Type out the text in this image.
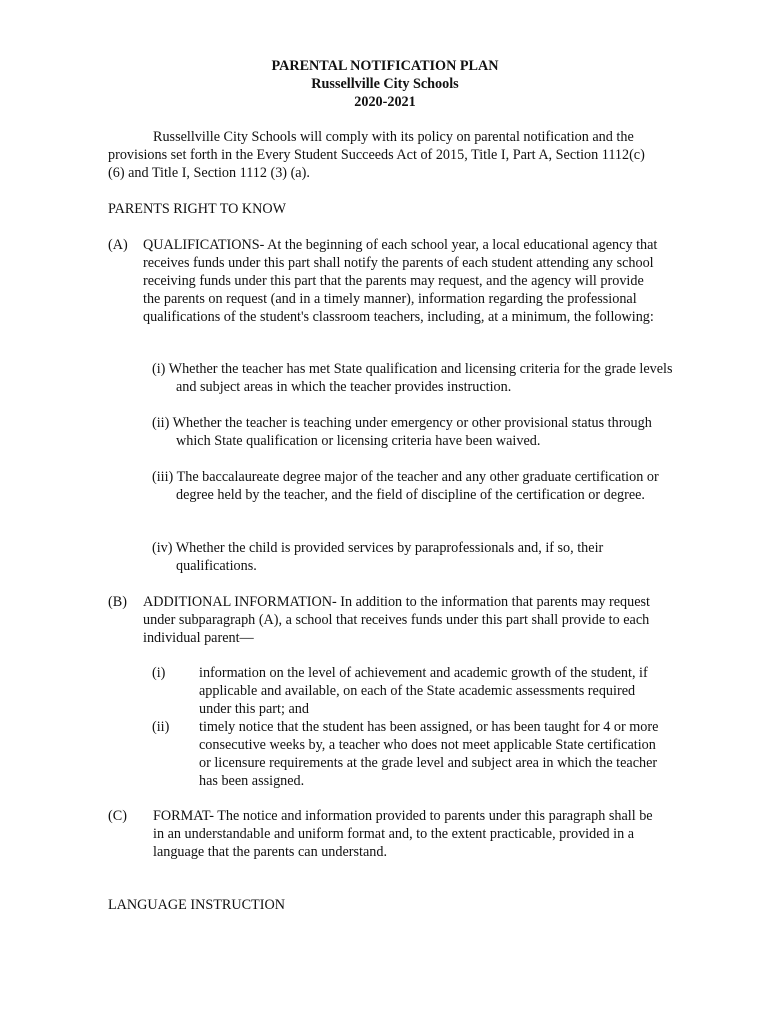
PARENTAL NOTIFICATION PLAN
Russellville City Schools
2020-2021
Russellville City Schools will comply with its policy on parental notification and the provisions set forth in the Every Student Succeeds Act of 2015, Title I, Part A, Section 1112(c)(6) and Title I, Section 1112 (3) (a).
PARENTS RIGHT TO KNOW
(A) QUALIFICATIONS- At the beginning of each school year, a local educational agency that receives funds under this part shall notify the parents of each student attending any school receiving funds under this part that the parents may request, and the agency will provide the parents on request (and in a timely manner), information regarding the professional qualifications of the student's classroom teachers, including, at a minimum, the following:
(i) Whether the teacher has met State qualification and licensing criteria for the grade levels and subject areas in which the teacher provides instruction.
(ii) Whether the teacher is teaching under emergency or other provisional status through which State qualification or licensing criteria have been waived.
(iii) The baccalaureate degree major of the teacher and any other graduate certification or degree held by the teacher, and the field of discipline of the certification or degree.
(iv) Whether the child is provided services by paraprofessionals and, if so, their qualifications.
(B) ADDITIONAL INFORMATION- In addition to the information that parents may request under subparagraph (A), a school that receives funds under this part shall provide to each individual parent—
(i) information on the level of achievement and academic growth of the student, if applicable and available, on each of the State academic assessments required under this part; and
(ii) timely notice that the student has been assigned, or has been taught for 4 or more consecutive weeks by, a teacher who does not meet applicable State certification or licensure requirements at the grade level and subject area in which the teacher has been assigned.
(C) FORMAT- The notice and information provided to parents under this paragraph shall be in an understandable and uniform format and, to the extent practicable, provided in a language that the parents can understand.
LANGUAGE INSTRUCTION
